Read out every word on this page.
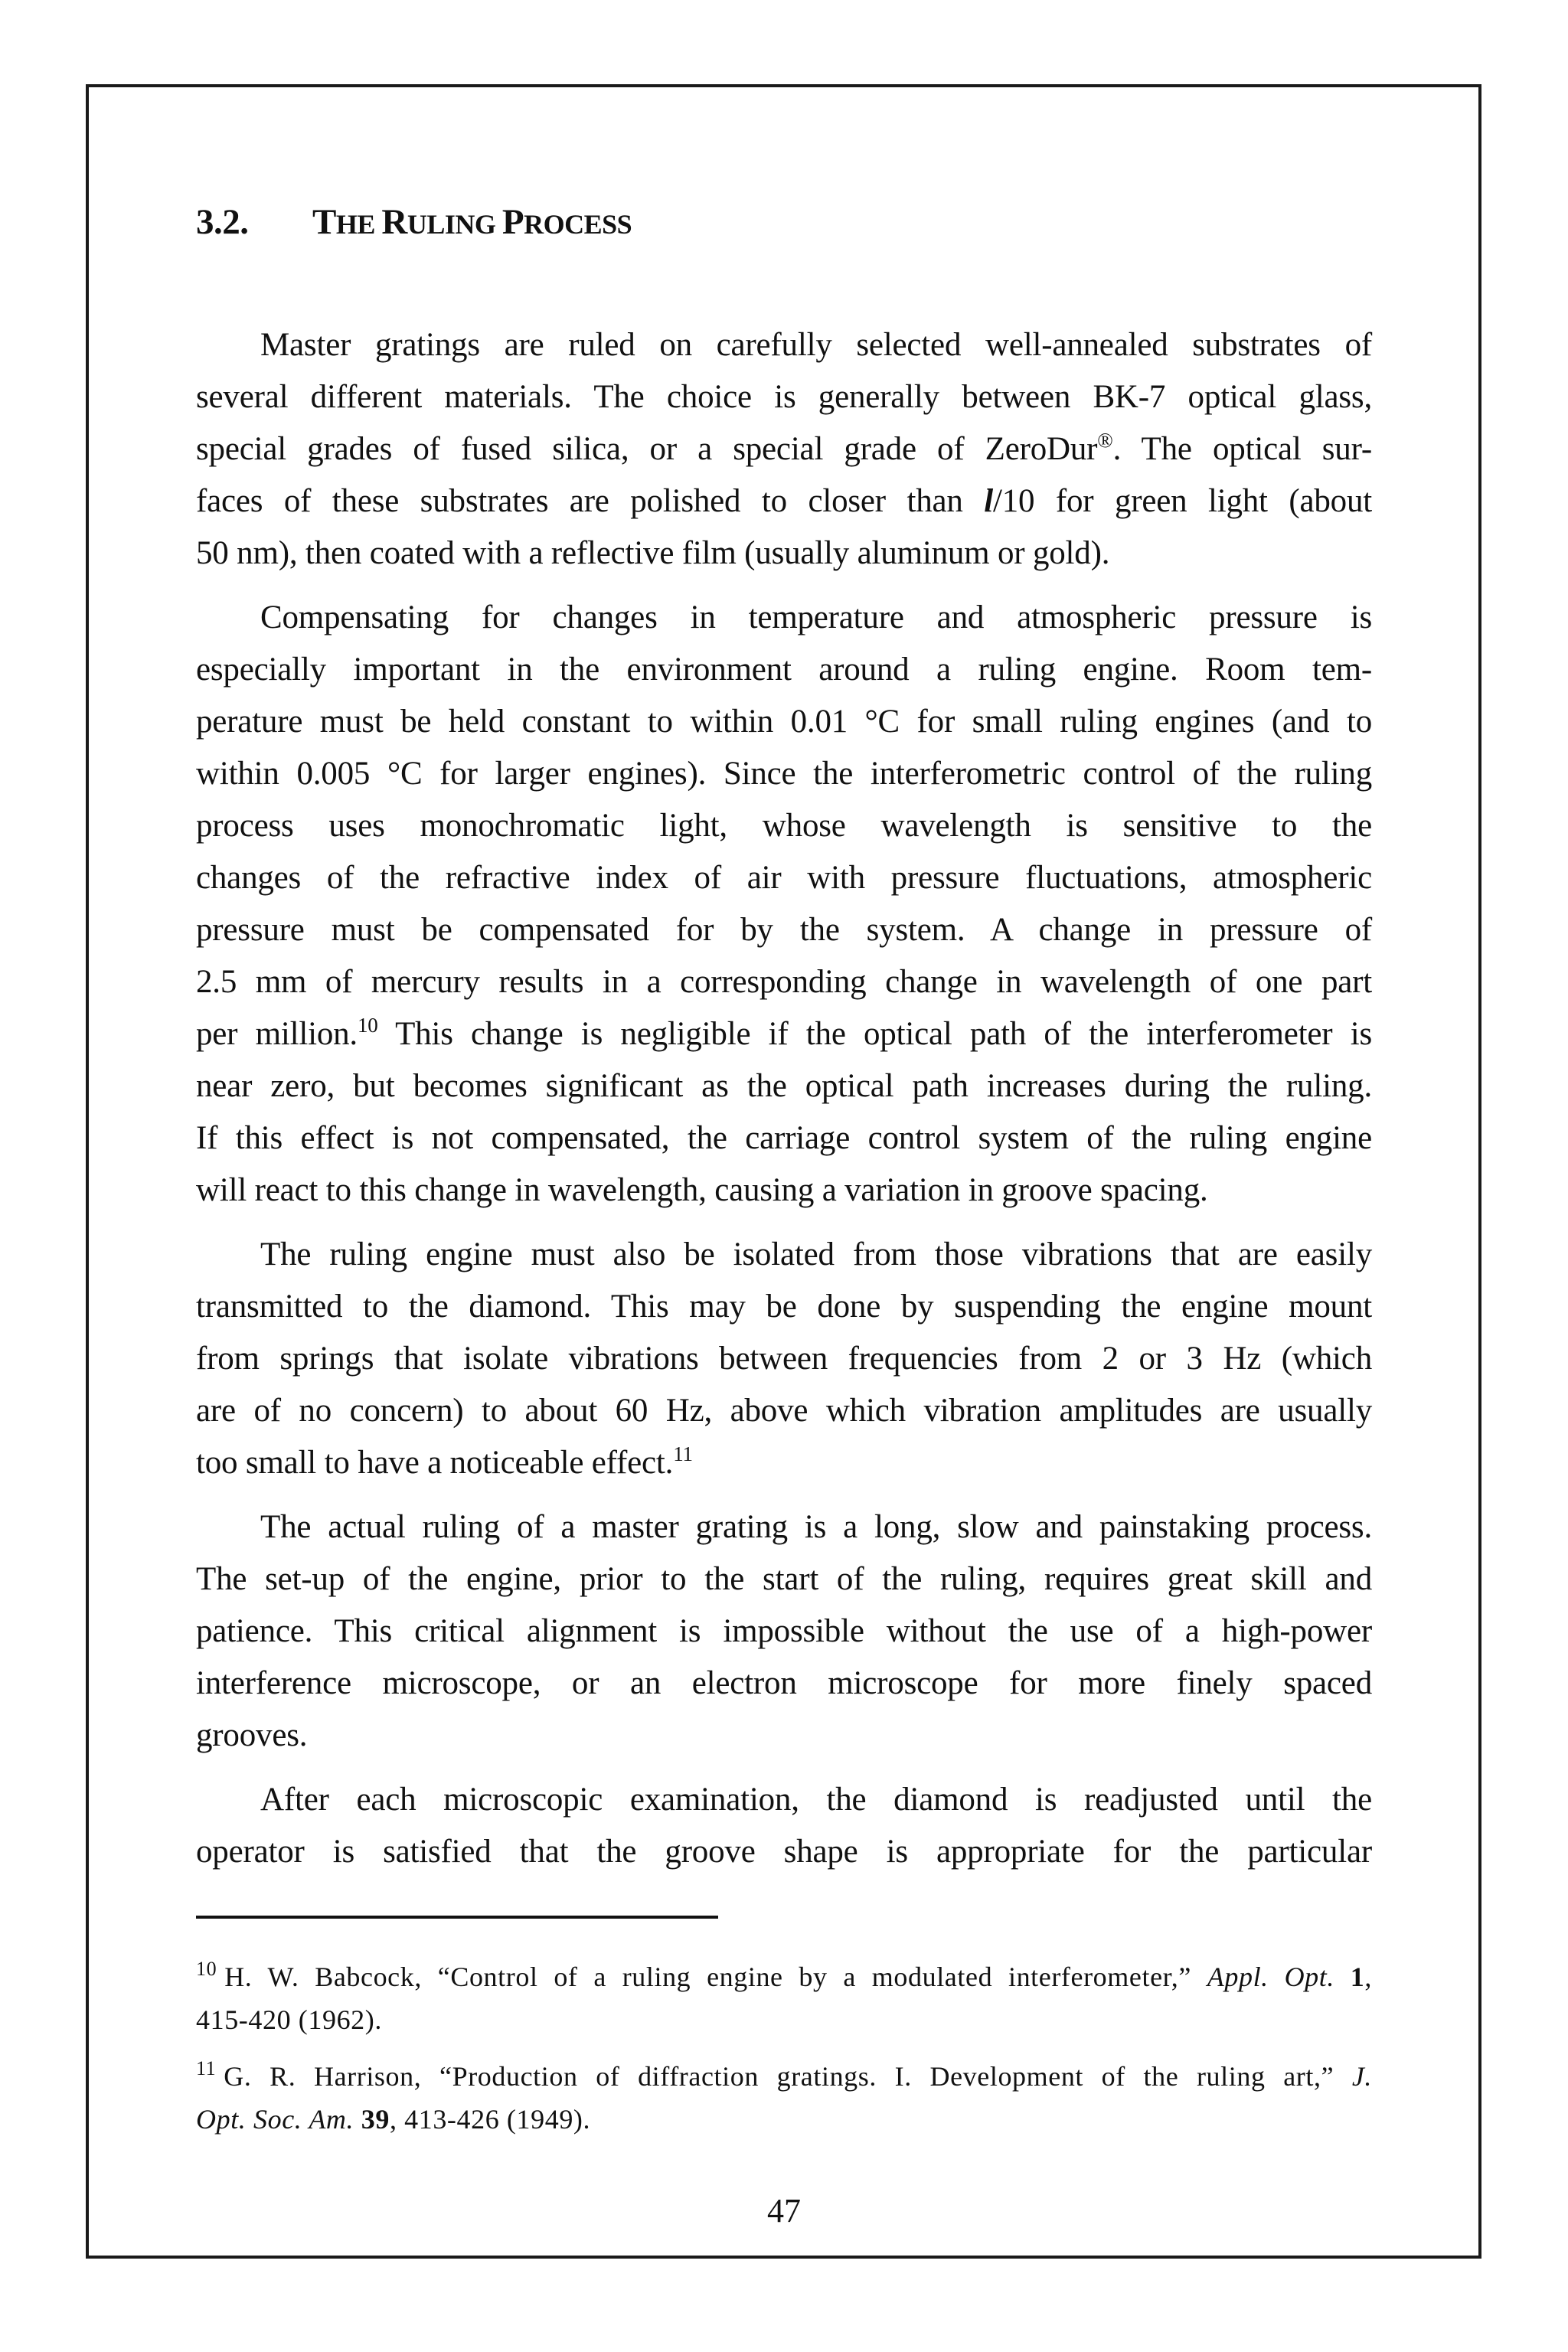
3.2. THE RULING PROCESS
Master gratings are ruled on carefully selected well-annealed substrates of
several different materials. The choice is generally between BK-7 optical glass,
special grades of fused silica, or a special grade of ZeroDur®. The optical sur-
faces of these substrates are polished to closer than l/10 for green light (about
50 nm), then coated with a reflective film (usually aluminum or gold).
Compensating for changes in temperature and atmospheric pressure is
especially important in the environment around a ruling engine. Room tem-
perature must be held constant to within 0.01 °C for small ruling engines (and to
within 0.005 °C for larger engines). Since the interferometric control of the ruling
process uses monochromatic light, whose wavelength is sensitive to the
changes of the refractive index of air with pressure fluctuations, atmospheric
pressure must be compensated for by the system. A change in pressure of
2.5 mm of mercury results in a corresponding change in wavelength of one part
per million.$^{10}$ This change is negligible if the optical path of the interferometer is
near zero, but becomes significant as the optical path increases during the ruling.
If this effect is not compensated, the carriage control system of the ruling engine
will react to this change in wavelength, causing a variation in groove spacing.
The ruling engine must also be isolated from those vibrations that are easily
transmitted to the diamond. This may be done by suspending the engine mount
from springs that isolate vibrations between frequencies from 2 or 3 Hz (which
are of no concern) to about 60 Hz, above which vibration amplitudes are usually
too small to have a noticeable effect.$^{11}$
The actual ruling of a master grating is a long, slow and painstaking process.
The set-up of the engine, prior to the start of the ruling, requires great skill and
patience. This critical alignment is impossible without the use of a high-power
interference microscope, or an electron microscope for more finely spaced
grooves.
After each microscopic examination, the diamond is readjusted until the
operator is satisfied that the groove shape is appropriate for the particular
$^{10}$ H. W. Babcock, “Control of a ruling engine by a modulated interferometer,” Appl. Opt. 1,
415-420 (1962).
$^{11}$ G. R. Harrison, “Production of diffraction gratings. I. Development of the ruling art,” J.
Opt. Soc. Am. 39, 413-426 (1949).
47
